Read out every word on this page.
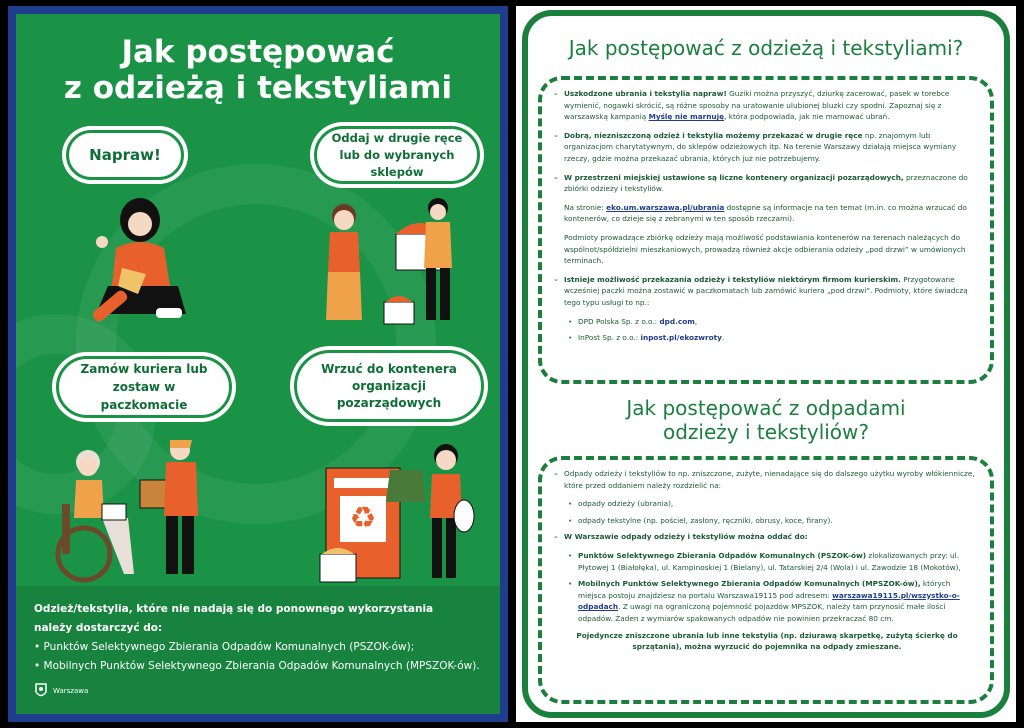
Jak postępować
z odzieżą i tekstyliami
Napraw!
Oddaj w drugie ręce lub do wybranych sklepów
Zamów kuriera lub zostaw w paczkomacie
Wrzuć do kontenera organizacji pozarządowych
♻
Odzież/tekstylia, które nie nadają się do ponownego wykorzystania
należy dostarczyć do:
• Punktów Selektywnego Zbierania Odpadów Komunalnych (PSZOK-ów);
• Mobilnych Punktów Selektywnego Zbierania Odpadów Komunalnych (MPSZOK-ów).
Warszawa
Jak postępować z odzieżą i tekstyliami?
– Uszkodzone ubrania i tekstylia napraw! Guziki można przyszyć, dziurkę zacerować, pasek w torebce wymienić, nogawki skrócić, są różne sposoby na uratowanie ulubionej bluzki czy spodni. Zapoznaj się z warszawską kampanią Myślę nie marnuję, która podpowiada, jak nie marnować ubrań.
– Dobrą, niezniszczoną odzież i tekstylia możemy przekazać w drugie ręce np. znajomym lub organizacjom charytatywnym, do sklepów odzieżowych itp. Na terenie Warszawy działają miejsca wymiany rzeczy, gdzie można przekazać ubrania, których już nie potrzebujemy.
– W przestrzeni miejskiej ustawione są liczne kontenery organizacji pozarządowych, przeznaczone do zbiórki odzieży i tekstyliów.
Na stronie: eko.um.warszawa.pl/ubrania dostępne są informacje na ten temat (m.in. co można wrzucać do kontenerów, co dzieje się z zebranymi w ten sposób rzeczami).
Podmioty prowadzące zbiórkę odzieży mają możliwość podstawiania kontenerów na terenach należących do wspólnot/spółdzielni mieszkaniowych, prowadzą również akcje odbierania odzieży „pod drzwi” w umówionych terminach.
– Istnieje możliwość przekazania odzieży i tekstyliów niektórym firmom kurierskim. Przygotowane wcześniej paczki można zostawić w paczkomatach lub zamówić kuriera „pod drzwi”. Podmioty, które świadczą tego typu usługi to np.:
• DPD Polska Sp. z o.o.: dpd.com,
• InPost Sp. z o.o.: inpost.pl/ekozwroty.
Jak postępować z odpadami
odzieży i tekstyliów?
– Odpady odzieży i tekstyliów to np. zniszczone, zużyte, nienadające się do dalszego użytku wyroby włókiennicze, które przed oddaniem należy rozdzielić na:
• odpady odzieży (ubrania),
• odpady tekstylne (np. pościel, zasłony, ręczniki, obrusy, koce, firany).
– W Warszawie odpady odzieży i tekstyliów można oddać do:
• Punktów Selektywnego Zbierania Odpadów Komunalnych (PSZOK-ów) zlokalizowanych przy: ul. Płytowej 1 (Białołęka), ul. Kampinoskiej 1 (Bielany), ul. Tatarskiej 2/4 (Wola) i ul. Zawodzie 18 (Mokotów),
• Mobilnych Punktów Selektywnego Zbierania Odpadów Komunalnych (MPSZOK-ów), których miejsca postoju znajdziesz na portalu Warszawa19115 pod adresem: warszawa19115.pl/wszystko-o-odpadach. Z uwagi na ograniczoną pojemność pojazdów MPSZOK, należy tam przynosić małe ilości odpadów. Żaden z wymiarów spakowanych odpadów nie powinien przekraczać 80 cm.
Pojedyncze zniszczone ubrania lub inne tekstylia (np. dziurawą skarpetkę, zużytą ścierkę do sprzątania), można wyrzucić do pojemnika na odpady zmieszane.
